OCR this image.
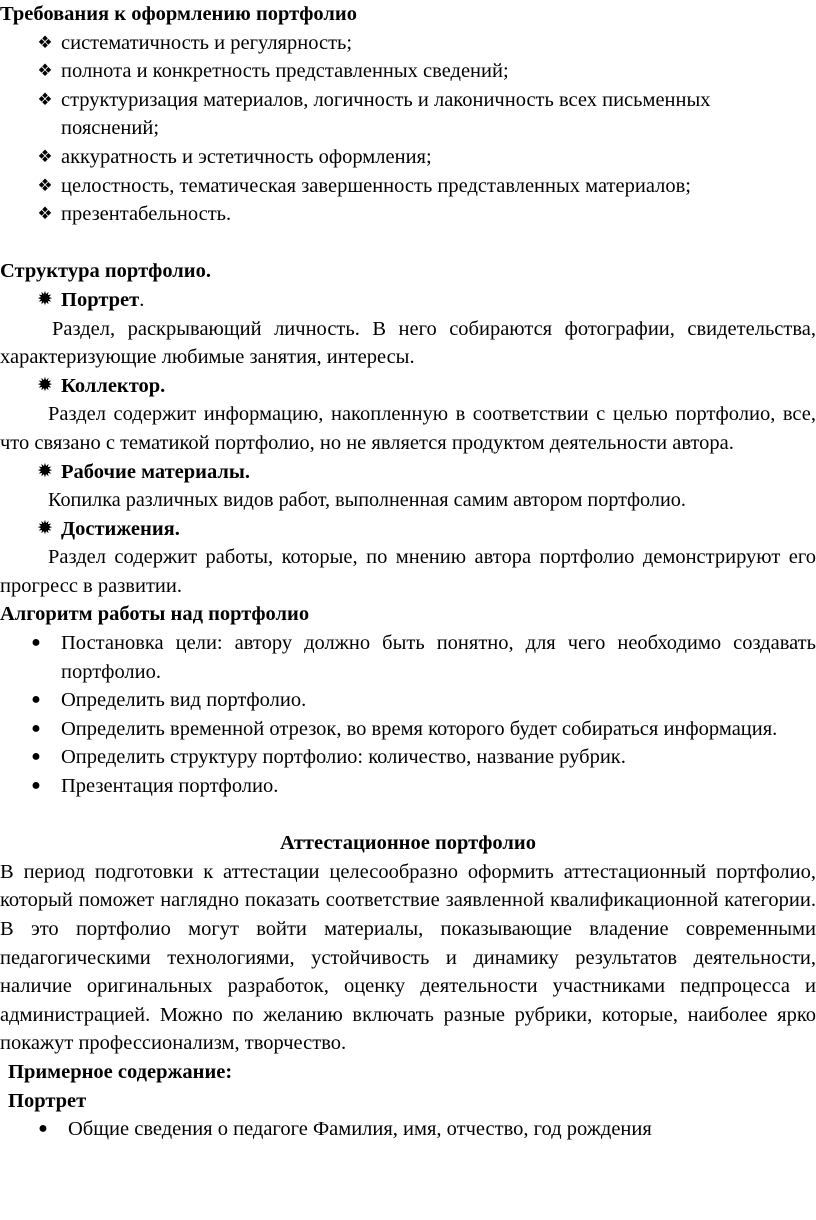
Требования к оформлению портфолио

❖ систематичность и регулярность;
❖ полнота и конкретность представленных сведений;
❖ структуризация материалов, логичность и лаконичность всех письменных пояснений;
❖ аккуратность и эстетичность оформления;
❖ целостность, тематическая завершенность представленных материалов;
❖ презентабельность.

Структура портфолио.

✹ Портрет.

Раздел, раскрывающий личность. В него собираются фотографии, свидетельства, характеризующие любимые занятия, интересы.

✹ Коллектор.

Раздел содержит информацию, накопленную в соответствии с целью портфолио, все, что связано с тематикой портфолио, но не является продуктом деятельности автора.

✹ Рабочие материалы.

Копилка различных видов работ, выполненная самим автором портфолио.

✹ Достижения.

Раздел содержит работы, которые, по мнению автора портфолио демонстрируют его прогресс в развитии.

Алгоритм работы над портфолио

● Постановка цели: автору должно быть понятно, для чего необходимо создавать портфолио.
● Определить вид портфолио.
● Определить временной отрезок, во время которого будет собираться информация.
● Определить структуру портфолио: количество, название рубрик.
● Презентация портфолио.

Аттестационное портфолио

В период подготовки к аттестации целесообразно оформить аттестационный портфолио, который поможет наглядно показать соответствие заявленной квалификационной категории. В это портфолио могут войти материалы, показывающие владение современными педагогическими технологиями, устойчивость и динамику результатов деятельности, наличие оригинальных разработок, оценку деятельности участниками педпроцесса и администрацией. Можно по желанию включать разные рубрики, которые, наиболее ярко покажут профессионализм, творчество.

Примерное содержание:

Портрет

● Общие сведения о педагоге Фамилия, имя, отчество, год рождения
